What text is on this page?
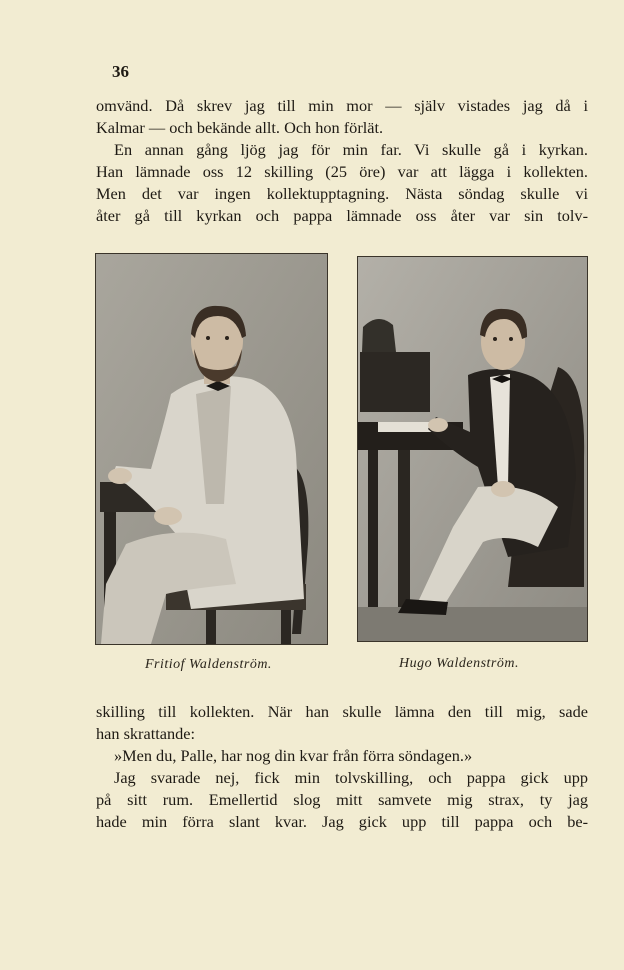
36

omvänd. Då skrev jag till min mor — själv vistades jag då i

Kalmar — och bekände allt. Och hon förlät.

En annan gång ljög jag för min far. Vi skulle gå i kyrkan.

Han lämnade oss 12 skilling (25 öre) var att lägga i kollekten.

Men det var ingen kollektupptagning. Nästa söndag skulle vi

åter gå till kyrkan och pappa lämnade oss åter var sin tolv-

Fritiof Waldenström.	Hugo Waldenström.

skilling till kollekten. När han skulle lämna den till mig, sade

han skrattande:

»Men du, Palle, har nog din kvar från förra söndagen.»

Jag svarade nej, fick min tolvskilling, och pappa gick upp

på sitt rum. Emellertid slog mitt samvete mig strax, ty jag

hade min förra slant kvar. Jag gick upp till pappa och be-
